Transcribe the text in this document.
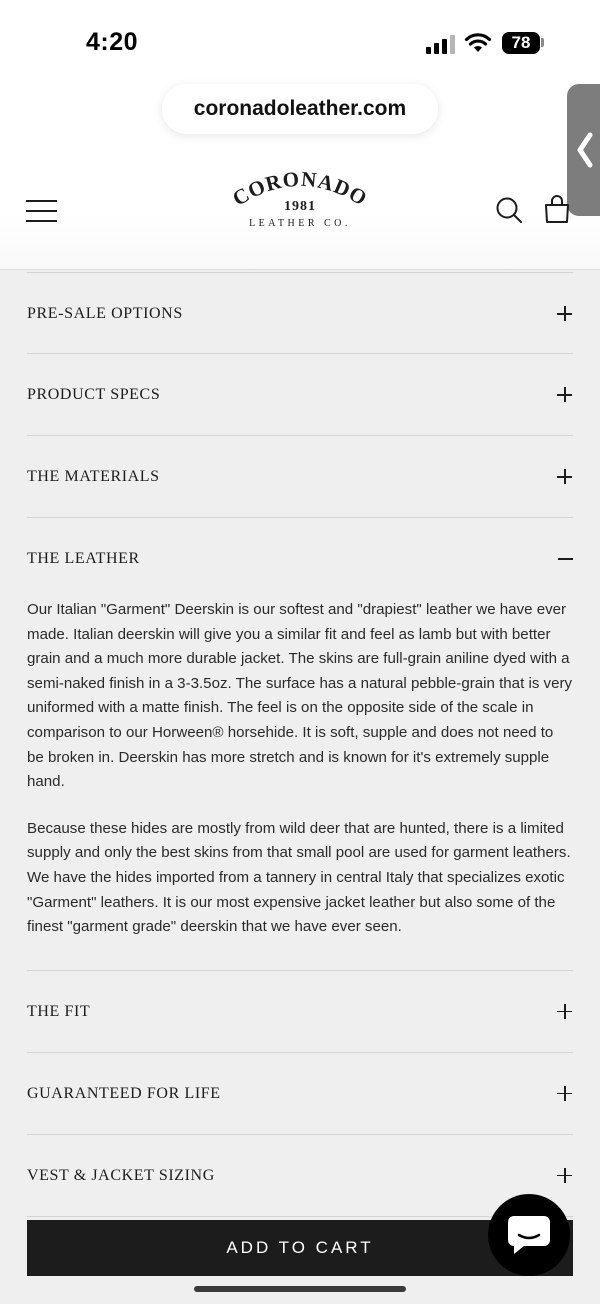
4:20	78
coronadoleather.com
CORONADO
1981
LEATHER CO.
PRE-SALE OPTIONS
PRODUCT SPECS
THE MATERIALS
THE LEATHER

Our Italian "Garment" Deerskin is our softest and "drapiest" leather we have ever made. Italian deerskin will give you a similar fit and feel as lamb but with better grain and a much more durable jacket. The skins are full-grain aniline dyed with a semi-naked finish in a 3-3.5oz. The surface has a natural pebble-grain that is very uniformed with a matte finish. The feel is on the opposite side of the scale in comparison to our Horween® horsehide. It is soft, supple and does not need to be broken in. Deerskin has more stretch and is known for it's extremely supple hand.

Because these hides are mostly from wild deer that are hunted, there is a limited supply and only the best skins from that small pool are used for garment leathers. We have the hides imported from a tannery in central Italy that specializes exotic "Garment" leathers. It is our most expensive jacket leather but also some of the finest "garment grade" deerskin that we have ever seen.

THE FIT
GUARANTEED FOR LIFE
VEST & JACKET SIZING
ADD TO CART
